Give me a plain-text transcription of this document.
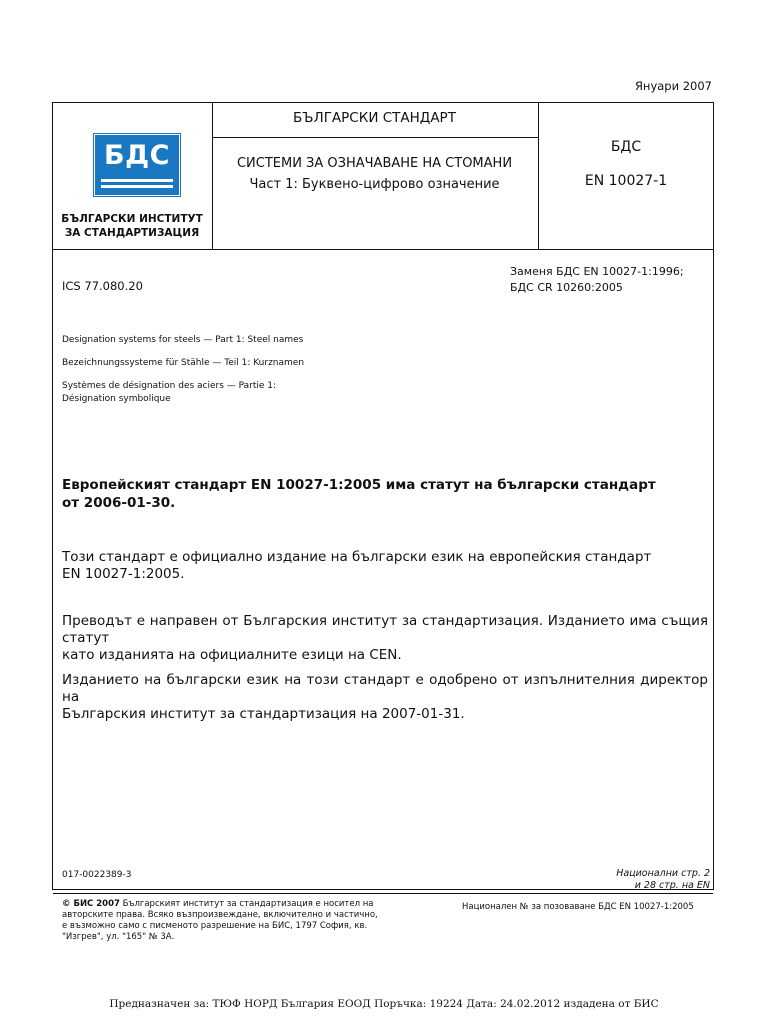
Януари 2007
БДС
БЪЛГАРСКИ ИНСТИТУТ
ЗА СТАНДАРТИЗАЦИЯ
БЪЛГАРСКИ СТАНДАРТ
СИСТЕМИ ЗА ОЗНАЧАВАНЕ НА СТОМАНИ
Част 1: Буквено-цифрово означение
БДС
EN 10027-1
ICS 77.080.20
Заменя БДС EN 10027-1:1996;
БДС CR 10260:2005
Designation systems for steels — Part 1: Steel names
Bezeichnungssysteme für Stähle — Teil 1: Kurznamen
Systèmes de désignation des aciers — Partie 1:
Désignation symbolique
Европейският стандарт EN 10027-1:2005 има статут на български стандарт
от 2006-01-30.
Този стандарт е официално издание на български език на европейския стандарт
EN 10027-1:2005.
Преводът е направен от Българския институт за стандартизация. Изданието има същия статут
като изданията на официалните езици на CEN.
Изданието на български език на този стандарт е одобрено от изпълнителния директор на
Българския институт за стандартизация на 2007-01-31.
017-0022389-3	Национални стр. 2
и 28 стр. на EN
© БИС 2007 Българският институт за стандартизация е носител на
авторските права. Всяко възпроизвеждане, включително и частично,
е възможно само с писменото разрешение на БИС, 1797 София, кв.
"Изгрев", ул. "165" № 3А.
Национален № за позоваване БДС EN 10027-1:2005
Предназначен за: ТЮФ НОРД България ЕООД Поръчка: 19224 Дата: 24.02.2012 издадена от БИС
